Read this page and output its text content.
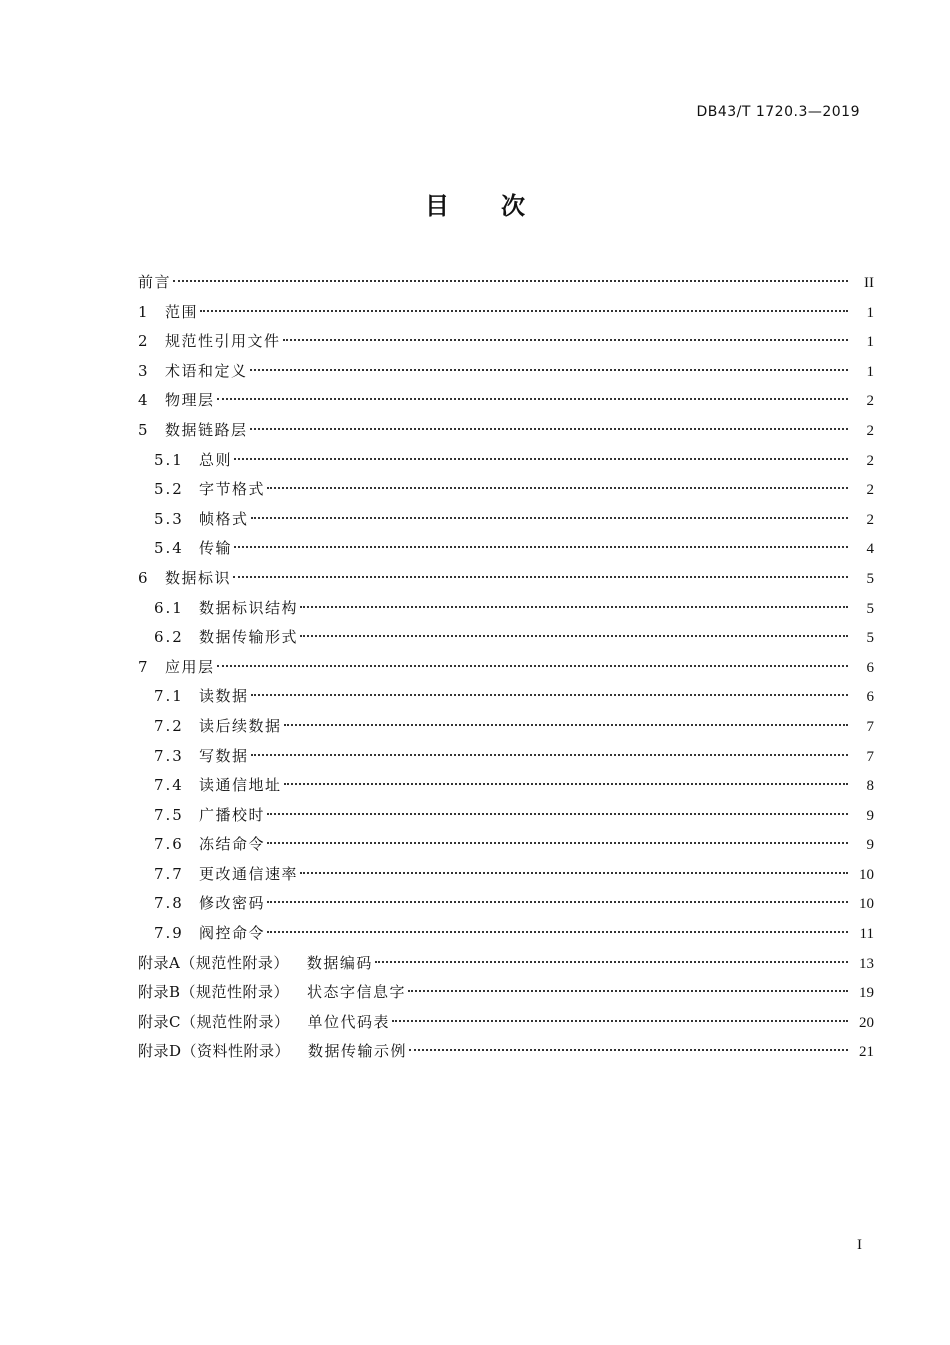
DB43/T 1720.3—2019
目次
前言	II
1	范围	1
2	规范性引用文件	1
3	术语和定义	1
4	物理层	2
5	数据链路层	2
5.1	总则	2
5.2	字节格式	2
5.3	帧格式	2
5.4	传输	4
6	数据标识	5
6.1	数据标识结构	5
6.2	数据传输形式	5
7	应用层	6
7.1	读数据	6
7.2	读后续数据	7
7.3	写数据	7
7.4	读通信地址	8
7.5	广播校时	9
7.6	冻结命令	9
7.7	更改通信速率	10
7.8	修改密码	10
7.9	阀控命令	11
附录A（规范性附录） 数据编码	13
附录B（规范性附录） 状态字信息字	19
附录C（规范性附录） 单位代码表	20
附录D（资料性附录） 数据传输示例	21
I
